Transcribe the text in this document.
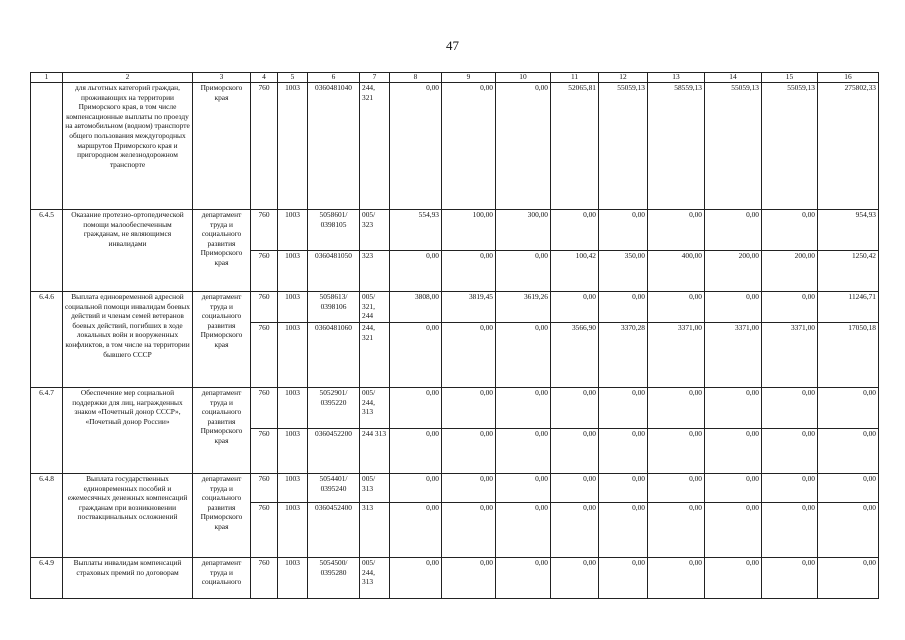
47
1	2	3	4	5	6	7	8	9	10	11	12	13	14	15	16
	для льготных категорий граждан, проживающих на территории Приморского края, в том числе компенсационные выплаты по проезду на автомобильном (водном) транспорте общего пользования междугородных маршрутов Приморского края и пригородном железнодорожном транспорте	Приморского края	760	1003	0360481040	244, 321	0,00	0,00	0,00	52065,81	55059,13	58559,13	55059,13	55059,13	275802,33
6.4.5	Оказание протезно-ортопедической помощи малообеспеченным гражданам, не являющимся инвалидами	департамент труда и социального развития Приморского края	760	1003	5058601/ 0398105	005/ 323	554,93	100,00	300,00	0,00	0,00	0,00	0,00	0,00	954,93
			760	1003	0360481050	323	0,00	0,00	0,00	100,42	350,00	400,00	200,00	200,00	1250,42
6.4.6	Выплата единовременной адресной социальной помощи инвалидам боевых действий и членам семей ветеранов боевых действий, погибших в ходе локальных войн и вооруженных конфликтов, в том числе на территории бывшего СССР	департамент труда и социального развития Приморского края	760	1003	5058613/ 0398106	005/ 321, 244	3808,00	3819,45	3619,26	0,00	0,00	0,00	0,00	0,00	11246,71
			760	1003	0360481060	244, 321	0,00	0,00	0,00	3566,90	3370,28	3371,00	3371,00	3371,00	17050,18
6.4.7	Обеспечение мер социальной поддержки для лиц, награжденных знаком «Почетный донор СССР», «Почетный донор России»	департамент труда и социального развития Приморского края	760	1003	5052901/ 0395220	005/ 244, 313	0,00	0,00	0,00	0,00	0,00	0,00	0,00	0,00	0,00
			760	1003	0360452200	244 313	0,00	0,00	0,00	0,00	0,00	0,00	0,00	0,00	0,00
6.4.8	Выплата государственных единовременных пособий и ежемесячных денежных компенсаций гражданам при возникновении поствакцинальных осложнений	департамент труда и социального развития Приморского края	760	1003	5054401/ 0395240	005/ 313	0,00	0,00	0,00	0,00	0,00	0,00	0,00	0,00	0,00
			760	1003	0360452400	313	0,00	0,00	0,00	0,00	0,00	0,00	0,00	0,00	0,00
6.4.9	Выплаты инвалидам компенсаций страховых премий по договорам	департамент труда и социального	760	1003	5054500/ 0395280	005/ 244, 313	0,00	0,00	0,00	0,00	0,00	0,00	0,00	0,00	0,00
